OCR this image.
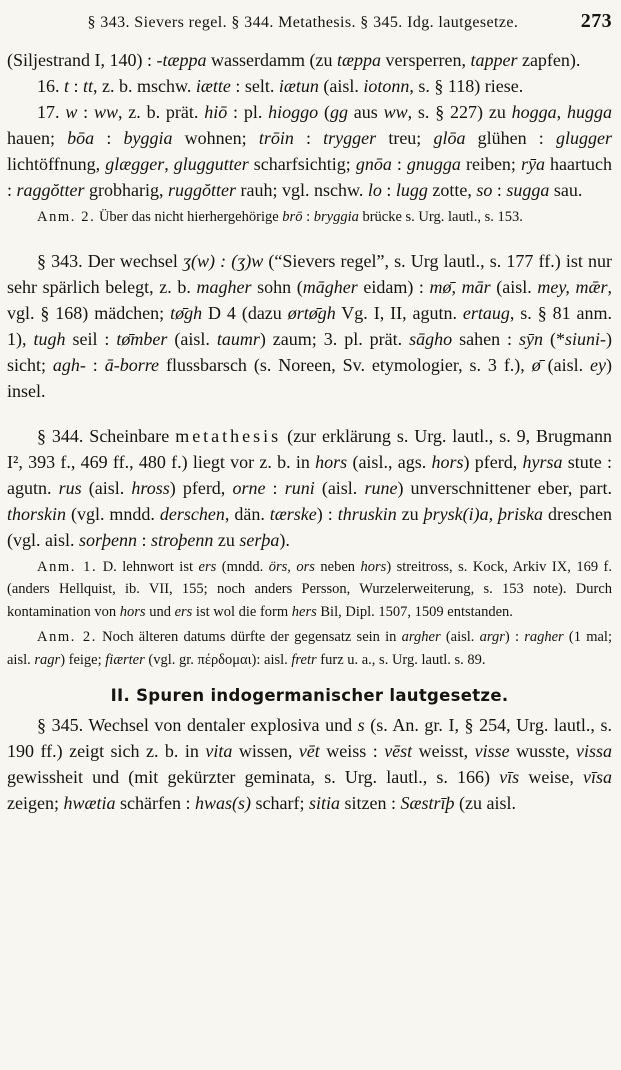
§ 343. Sievers regel. § 344. Metathesis. § 345. Idg. lautgesetze.	273

(Siljestrand I, 140) : -tæppa wasserdamm (zu tæppa versperren, tapper zapfen).

16. t : tt, z. b. mschw. iætte : selt. iætun (aisl. iotonn, s. § 118) riese.

17. w : ww, z. b. prät. hiō : pl. hioggo (gg aus ww, s. § 227) zu hogga, hugga hauen; bōa : byggia wohnen; trōin : trygger treu; glōa glühen : glugger lichtöffnung, glægger, gluggutter scharfsichtig; gnōa : gnugga reiben; rȳa haartuch : raggŏtter grobharig, ruggŏtter rauh; vgl. nschw. lo : lugg zotte, so : sugga sau.

Anm. 2. Über das nicht hierhergehörige brō : bryggia brücke s. Urg. lautl., s. 153.

§ 343. Der wechsel ʒ(w) : (ʒ)w (“Sievers regel”, s. Urg lautl., s. 177 ff.) ist nur sehr spärlich belegt, z. b. magher sohn (māgher eidam) : mø̄, mār (aisl. mey, mǣr, vgl. § 168) mädchen; tø̄gh D 4 (dazu ørtø̄gh Vg. I, II, agutn. ertaug, s. § 81 anm. 1), tugh seil : tø̄mber (aisl. taumr) zaum; 3. pl. prät. sāgho sahen : sȳn (*siuni-) sicht; agh- : ā-borre flussbarsch (s. Noreen, Sv. etymologier, s. 3 f.), ø̄ (aisl. ey) insel.

§ 344. Scheinbare metathesis (zur erklärung s. Urg. lautl., s. 9, Brugmann I², 393 f., 469 ff., 480 f.) liegt vor z. b. in hors (aisl., ags. hors) pferd, hyrsa stute : agutn. rus (aisl. hross) pferd, orne : runi (aisl. rune) unverschnittener eber, part. thorskin (vgl. mndd. derschen, dän. tærske) : thruskin zu þrysk(i)a, þriska dreschen (vgl. aisl. sorþenn : stroþenn zu serþa).

Anm. 1. D. lehnwort ist ers (mndd. örs, ors neben hors) streitross, s. Kock, Arkiv IX, 169 f. (anders Hellquist, ib. VII, 155; noch anders Persson, Wurzelerweiterung, s. 153 note). Durch kontamination von hors und ers ist wol die form hers Bil, Dipl. 1507, 1509 entstanden.

Anm. 2. Noch älteren datums dürfte der gegensatz sein in argher (aisl. argr) : ragher (1 mal; aisl. ragr) feige; fiærter (vgl. gr. πέρδομαι): aisl. fretr furz u. a., s. Urg. lautl. s. 89.

II. Spuren indogermanischer lautgesetze.

§ 345. Wechsel von dentaler explosiva und s (s. An. gr. I, § 254, Urg. lautl., s. 190 ff.) zeigt sich z. b. in vita wissen, vēt weiss : vēst weisst, visse wusste, vissa gewissheit und (mit gekürzter geminata, s. Urg. lautl., s. 166) vīs weise, vīsa zeigen; hwætia schärfen : hwas(s) scharf; sitia sitzen : Sæstrīþ (zu aisl.
